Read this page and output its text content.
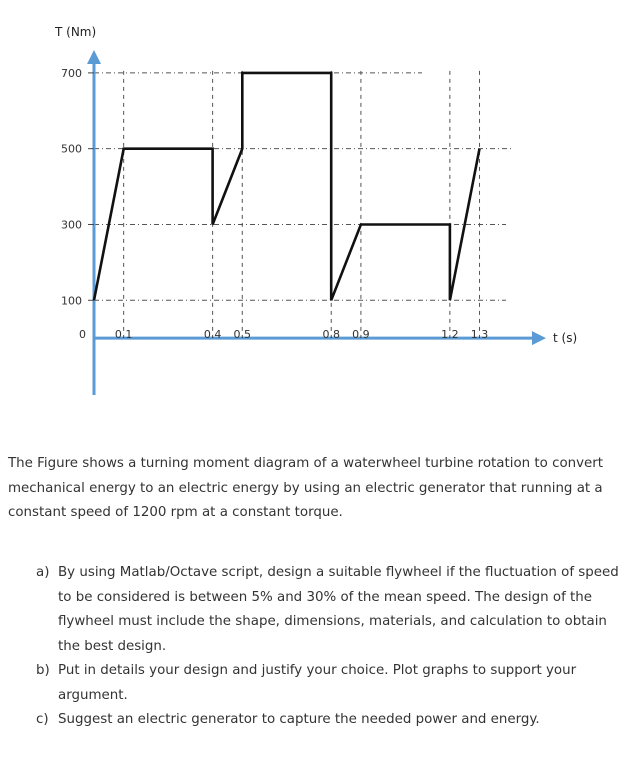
700
500
300
100
0	0.1	0.4 0.5	0.8 0.9	1.2 1.3
T (Nm)
t (s)
The Figure shows a turning moment diagram of a waterwheel turbine rotation to convert mechanical energy to an electric energy by using an electric generator that running at a constant speed of 1200 rpm at a constant torque.
a) By using Matlab/Octave script, design a suitable flywheel if the fluctuation of speed to be considered is between 5% and 30% of the mean speed. The design of the flywheel must include the shape, dimensions, materials, and calculation to obtain the best design.
b) Put in details your design and justify your choice. Plot graphs to support your argument.
c) Suggest an electric generator to capture the needed power and energy.
